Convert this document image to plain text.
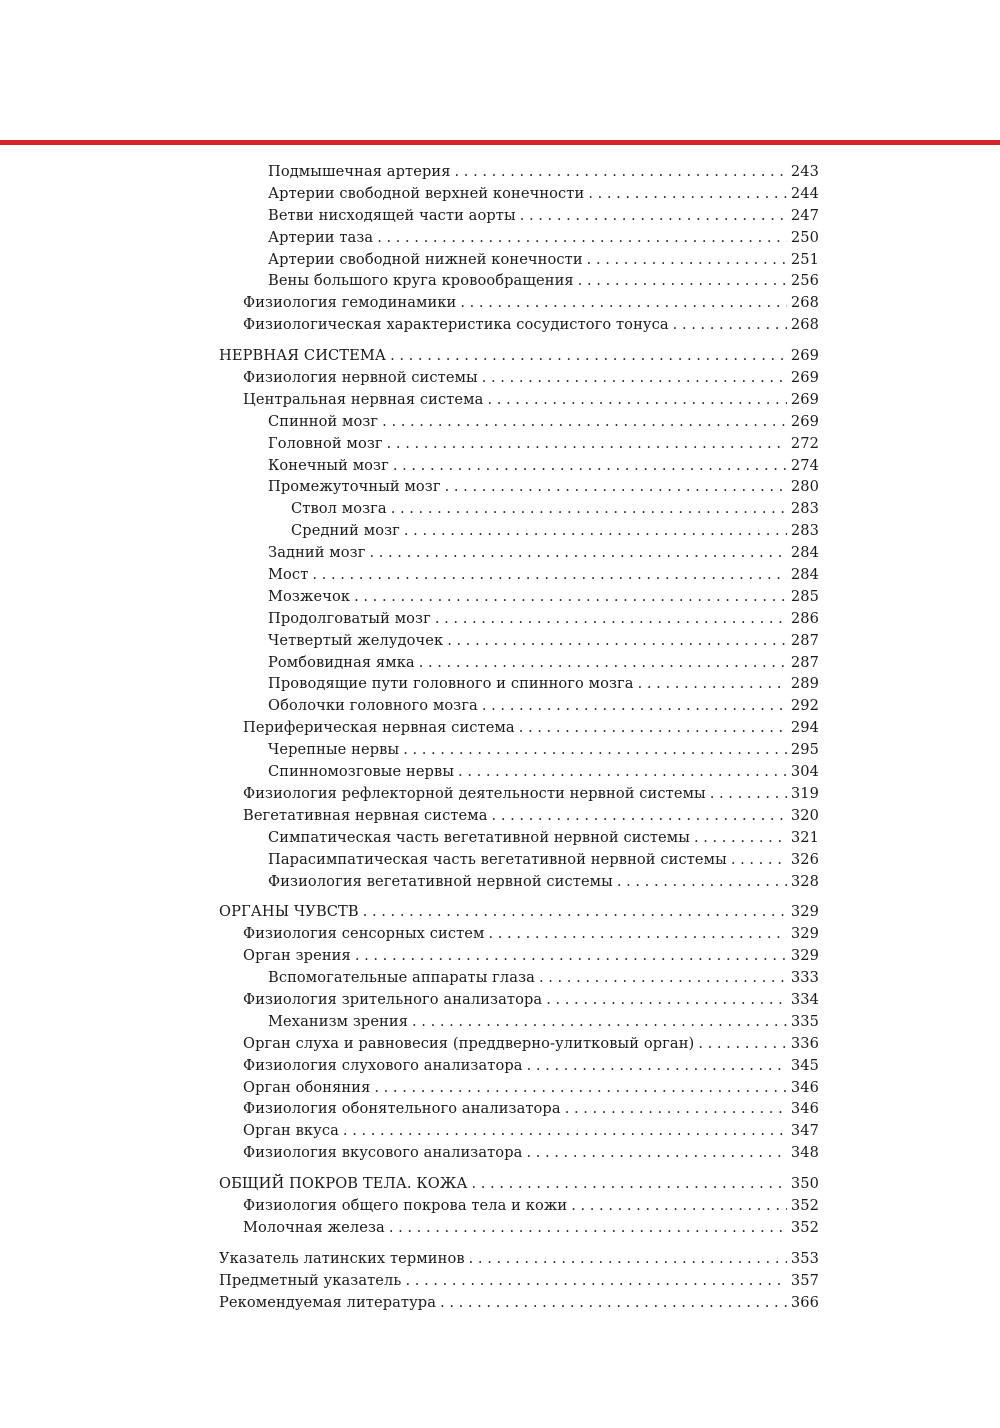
Подмышечная артерия . . .	243
Артерии свободной верхней конечности . . .	244
Ветви нисходящей части аорты . . .	247
Артерии таза . . .	250
Артерии свободной нижней конечности . . .	251
Вены большого круга кровообращения . . .	256
Физиология гемодинамики . . .	268
Физиологическая характеристика сосудистого тонуса . . .	268
НЕРВНАЯ СИСТЕМА . . .	269
Физиология нервной системы . . .	269
Центральная нервная система . . .	269
Спинной мозг . . .	269
Головной мозг . . .	272
Конечный мозг . . .	274
Промежуточный мозг . . .	280
Ствол мозга . . .	283
Средний мозг . . .	283
Задний мозг . . .	284
Мост . . .	284
Мозжечок . . .	285
Продолговатый мозг . . .	286
Четвертый желудочек . . .	287
Ромбовидная ямка . . .	287
Проводящие пути головного и спинного мозга . . .	289
Оболочки головного мозга . . .	292
Периферическая нервная система . . .	294
Черепные нервы . . .	295
Спинномозговые нервы . . .	304
Физиология рефлекторной деятельности нервной системы . . .	319
Вегетативная нервная система . . .	320
Симпатическая часть вегетативной нервной системы . . .	321
Парасимпатическая часть вегетативной нервной системы . . .	326
Физиология вегетативной нервной системы . . .	328
ОРГАНЫ ЧУВСТВ . . .	329
Физиология сенсорных систем . . .	329
Орган зрения . . .	329
Вспомогательные аппараты глаза . . .	333
Физиология зрительного анализатора . . .	334
Механизм зрения . . .	335
Орган слуха и равновесия (преддверно-улитковый орган) . . .	336
Физиология слухового анализатора . . .	345
Орган обоняния . . .	346
Физиология обонятельного анализатора . . .	346
Орган вкуса . . .	347
Физиология вкусового анализатора . . .	348
ОБЩИЙ ПОКРОВ ТЕЛА. КОЖА . . .	350
Физиология общего покрова тела и кожи . . .	352
Молочная железа . . .	352
Указатель латинских терминов . . .	353
Предметный указатель . . .	357
Рекомендуемая литература . . .	366
